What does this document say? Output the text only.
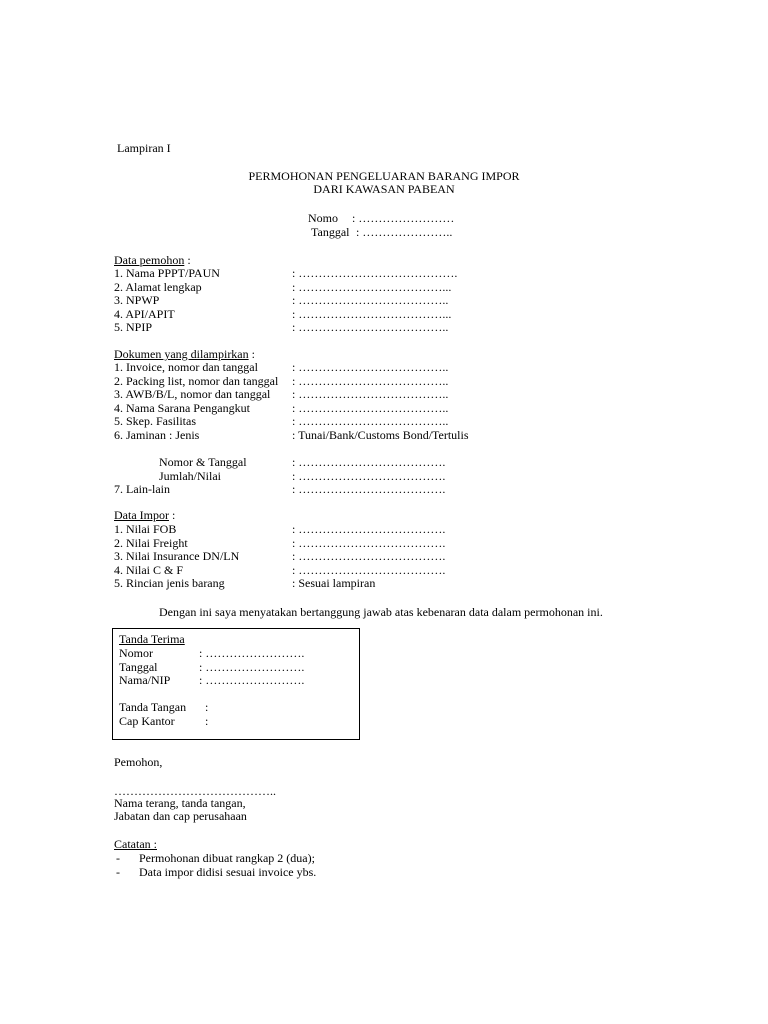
Lampiran I
PERMOHONAN PENGELUARAN BARANG IMPOR
DARI KAWASAN PABEAN
Nomo : ……………………
Tanggal : …………………..
Data pemohon :
1. Nama PPPT/PAUN	: ………………………………….
2. Alamat lengkap	: ………………………………...
3. NPWP	: ………………………………..
4. API/APIT	: ………………………………...
5. NPIP	: ………………………………..
Dokumen yang dilampirkan :
1. Invoice, nomor dan tanggal	: ………………………………..
2. Packing list, nomor dan tanggal : ………………………………..
3. AWB/B/L, nomor dan tanggal : ………………………………..
4. Nama Sarana Pengangkut	: ………………………………..
5. Skep. Fasilitas	: ………………………………..
6. Jaminan : Jenis	: Tunai/Bank/Customs Bond/Tertulis
Nomor & Tanggal	: ……………………………….
Jumlah/Nilai	: ……………………………….
7. Lain-lain	: ……………………………….
Data Impor :
1. Nilai FOB	: ……………………………….
2. Nilai Freight	: ……………………………….
3. Nilai Insurance DN/LN	: ……………………………….
4. Nilai C & F	: ……………………………….
5. Rincian jenis barang	: Sesuai lampiran
Dengan ini saya menyatakan bertanggung jawab atas kebenaran data dalam permohonan ini.
Tanda Terima
Nomor	: …………………….
Tanggal	: …………………….
Nama/NIP : …………………….
Tanda Tangan :
Cap Kantor	:
Pemohon,
…………………………………..
Nama terang, tanda tangan,
Jabatan dan cap perusahaan
Catatan :
- Permohonan dibuat rangkap 2 (dua);
- Data impor didisi sesuai invoice ybs.
